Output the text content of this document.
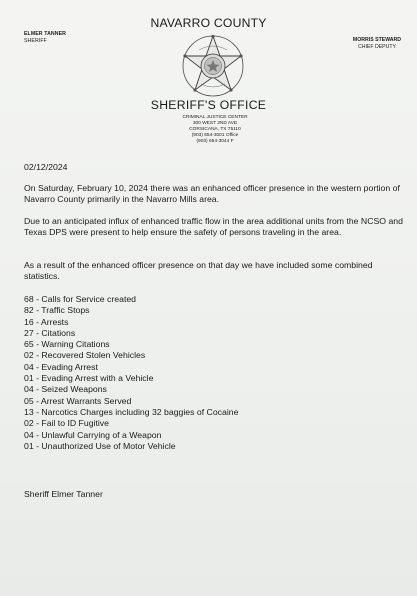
ELMER TANNER
SHERIFF
NAVARRO COUNTY
MORRIS STEWARD
CHIEF DEPUTY
SHERIFF'S OFFICE
CRIMINAL JUSTICE CENTER
300 WEST 2ND AVE
CORSICANA, TX 75110
(903) 654-3001 Office
(903) 654-3044 F
02/12/2024

On Saturday, February 10, 2024 there was an enhanced officer presence in the western portion of Navarro County primarily in the Navarro Mills area.

Due to an anticipated influx of enhanced traffic flow in the area additional units from the NCSO and Texas DPS were present to help ensure the safety of persons traveling in the area.

As a result of the enhanced officer presence on that day we have included some combined statistics.

68 - Calls for Service created
82 - Traffic Stops
16 - Arrests
27 - Citations
65 - Warning Citations
02 - Recovered Stolen Vehicles
04 - Evading Arrest
01 - Evading Arrest with a Vehicle
04 - Seized Weapons
05 - Arrest Warrants Served
13 - Narcotics Charges including 32 baggies of Cocaine
02 - Fail to ID Fugitive
04 - Unlawful Carrying of a Weapon
01 - Unauthorized Use of Motor Vehicle
Sheriff Elmer Tanner
